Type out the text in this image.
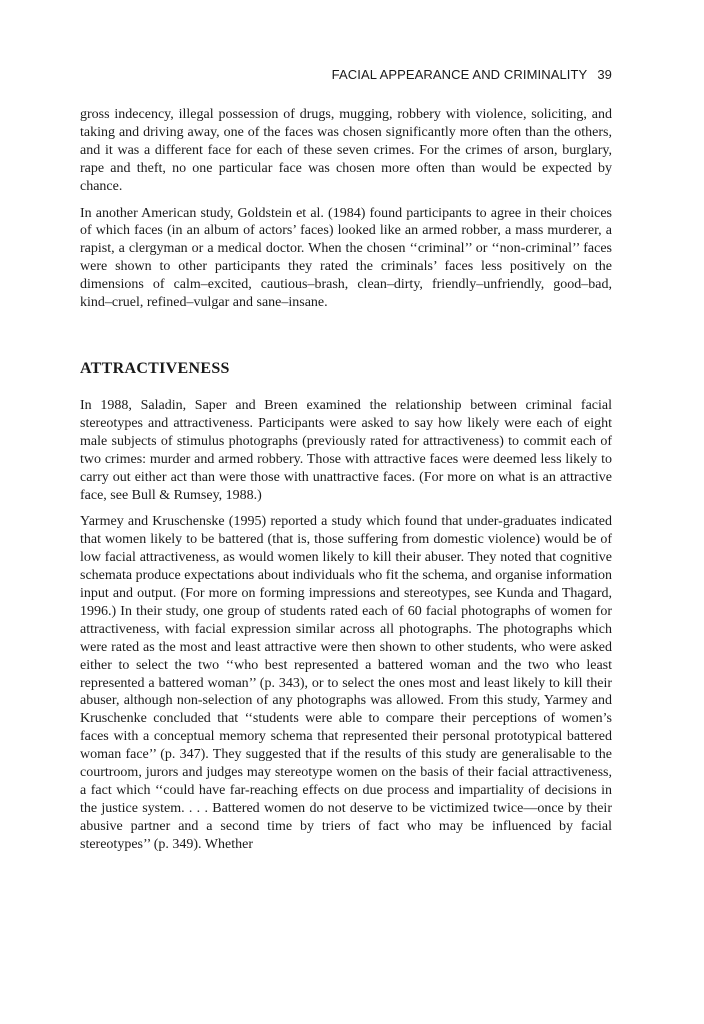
FACIAL APPEARANCE AND CRIMINALITY 39

gross indecency, illegal possession of drugs, mugging, robbery with violence, soliciting, and taking and driving away, one of the faces was chosen significantly more often than the others, and it was a different face for each of these seven crimes. For the crimes of arson, burglary, rape and theft, no one particular face was chosen more often than would be expected by chance.

In another American study, Goldstein et al. (1984) found participants to agree in their choices of which faces (in an album of actors’ faces) looked like an armed robber, a mass murderer, a rapist, a clergyman or a medical doctor. When the chosen ‘‘criminal’’ or ‘‘non-criminal’’ faces were shown to other participants they rated the criminals’ faces less positively on the dimensions of calm–excited, cautious–brash, clean–dirty, friendly–unfriendly, good–bad, kind–cruel, refined–vulgar and sane–insane.

ATTRACTIVENESS

In 1988, Saladin, Saper and Breen examined the relationship between criminal facial stereotypes and attractiveness. Participants were asked to say how likely were each of eight male subjects of stimulus photographs (previously rated for attractiveness) to commit each of two crimes: murder and armed robbery. Those with attractive faces were deemed less likely to carry out either act than were those with unattractive faces. (For more on what is an attractive face, see Bull & Rumsey, 1988.)

Yarmey and Kruschenske (1995) reported a study which found that under-graduates indicated that women likely to be battered (that is, those suffering from domestic violence) would be of low facial attractiveness, as would women likely to kill their abuser. They noted that cognitive schemata produce expectations about individuals who fit the schema, and organise information input and output. (For more on forming impressions and stereotypes, see Kunda and Thagard, 1996.) In their study, one group of students rated each of 60 facial photographs of women for attractiveness, with facial expression similar across all photographs. The photographs which were rated as the most and least attractive were then shown to other students, who were asked either to select the two ‘‘who best represented a battered woman and the two who least represented a battered woman’’ (p. 343), or to select the ones most and least likely to kill their abuser, although non-selection of any photographs was allowed. From this study, Yarmey and Kruschenke concluded that ‘‘students were able to compare their perceptions of women’s faces with a conceptual memory schema that represented their personal prototypical battered woman face’’ (p. 347). They suggested that if the results of this study are generalisable to the courtroom, jurors and judges may stereotype women on the basis of their facial attractiveness, a fact which ‘‘could have far-reaching effects on due process and impartiality of decisions in the justice system. . . . Battered women do not deserve to be victimized twice—once by their abusive partner and a second time by triers of fact who may be influenced by facial stereotypes’’ (p. 349). Whether
